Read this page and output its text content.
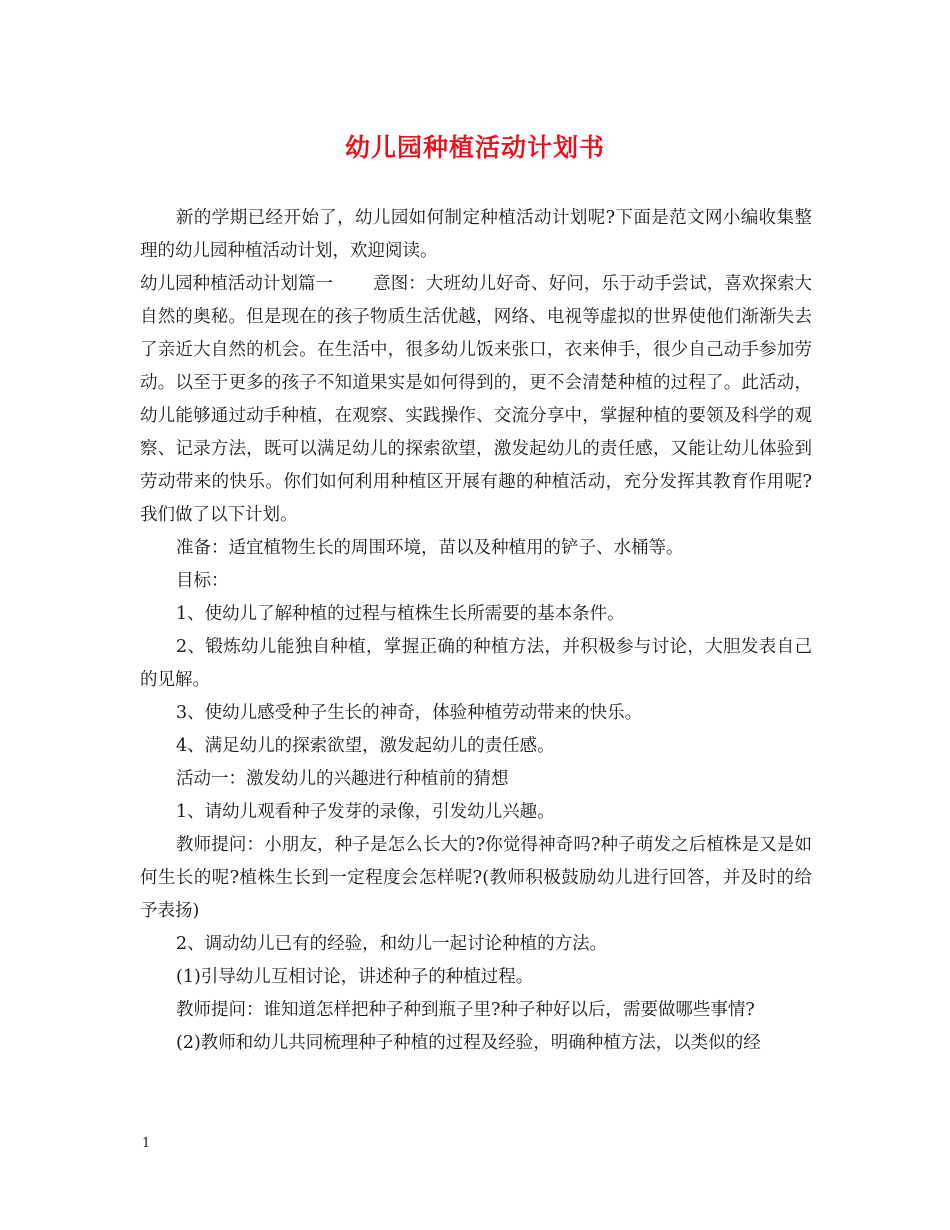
幼儿园种植活动计划书

新的学期已经开始了，幼儿园如何制定种植活动计划呢?下面是范文网小编收集整理的幼儿园种植活动计划，欢迎阅读。

幼儿园种植活动计划篇一 意图：大班幼儿好奇、好问，乐于动手尝试，喜欢探索大自然的奥秘。但是现在的孩子物质生活优越，网络、电视等虚拟的世界使他们渐渐失去了亲近大自然的机会。在生活中，很多幼儿饭来张口，衣来伸手，很少自己动手参加劳动。以至于更多的孩子不知道果实是如何得到的，更不会清楚种植的过程了。此活动，幼儿能够通过动手种植，在观察、实践操作、交流分享中，掌握种植的要领及科学的观察、记录方法，既可以满足幼儿的探索欲望，激发起幼儿的责任感，又能让幼儿体验到劳动带来的快乐。你们如何利用种植区开展有趣的种植活动，充分发挥其教育作用呢?我们做了以下计划。

准备：适宜植物生长的周围环境，苗以及种植用的铲子、水桶等。

目标：

1、使幼儿了解种植的过程与植株生长所需要的基本条件。

2、锻炼幼儿能独自种植，掌握正确的种植方法，并积极参与讨论，大胆发表自己的见解。

3、使幼儿感受种子生长的神奇，体验种植劳动带来的快乐。

4、满足幼儿的探索欲望，激发起幼儿的责任感。

活动一：激发幼儿的兴趣进行种植前的猜想

1、请幼儿观看种子发芽的录像，引发幼儿兴趣。

教师提问：小朋友，种子是怎么长大的?你觉得神奇吗?种子萌发之后植株是又是如何生长的呢?植株生长到一定程度会怎样呢?(教师积极鼓励幼儿进行回答，并及时的给予表扬)

2、调动幼儿已有的经验，和幼儿一起讨论种植的方法。

(1)引导幼儿互相讨论，讲述种子的种植过程。

教师提问：谁知道怎样把种子种到瓶子里?种子种好以后，需要做哪些事情?

(2)教师和幼儿共同梳理种子种植的过程及经验，明确种植方法，以类似的经

1
